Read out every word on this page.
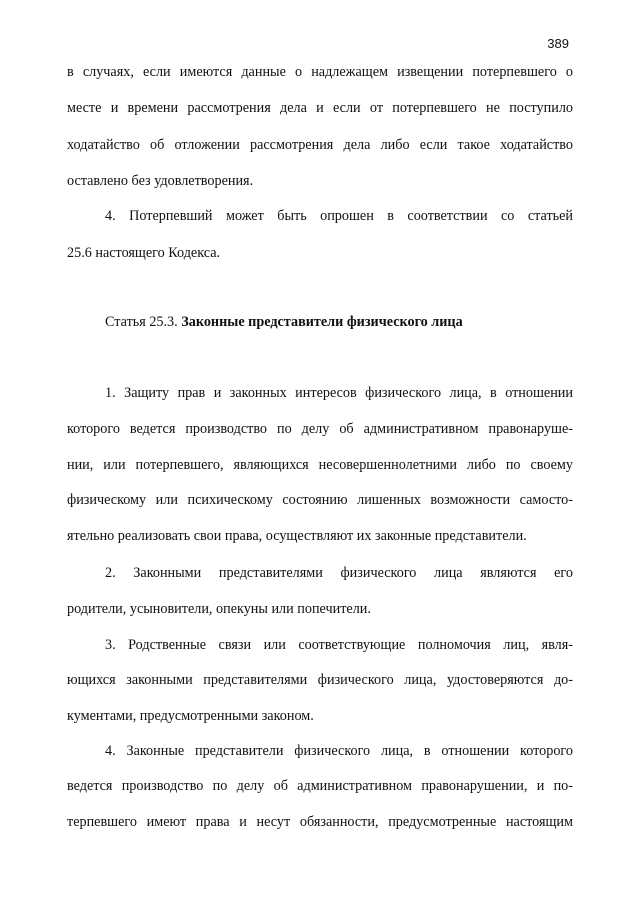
389
в случаях, если имеются данные о надлежащем извещении потерпевшего о
месте и времени рассмотрения дела и если от потерпевшего не поступило
ходатайство об отложении рассмотрения дела либо если такое ходатайство
оставлено без удовлетворения.
4. Потерпевший может быть опрошен в соответствии со статьей
25.6 настоящего Кодекса.
Статья 25.3. Законные представители физического лица
1. Защиту прав и законных интересов физического лица, в отношении
которого ведется производство по делу об административном правонаруше-
нии, или потерпевшего, являющихся несовершеннолетними либо по своему
физическому или психическому состоянию лишенных возможности самосто-
ятельно реализовать свои права, осуществляют их законные представители.
2. Законными представителями физического лица являются его
родители, усыновители, опекуны или попечители.
3. Родственные связи или соответствующие полномочия лиц, явля-
ющихся законными представителями физического лица, удостоверяются до-
кументами, предусмотренными законом.
4. Законные представители физического лица, в отношении которого
ведется производство по делу об административном правонарушении, и по-
терпевшего имеют права и несут обязанности, предусмотренные настоящим
